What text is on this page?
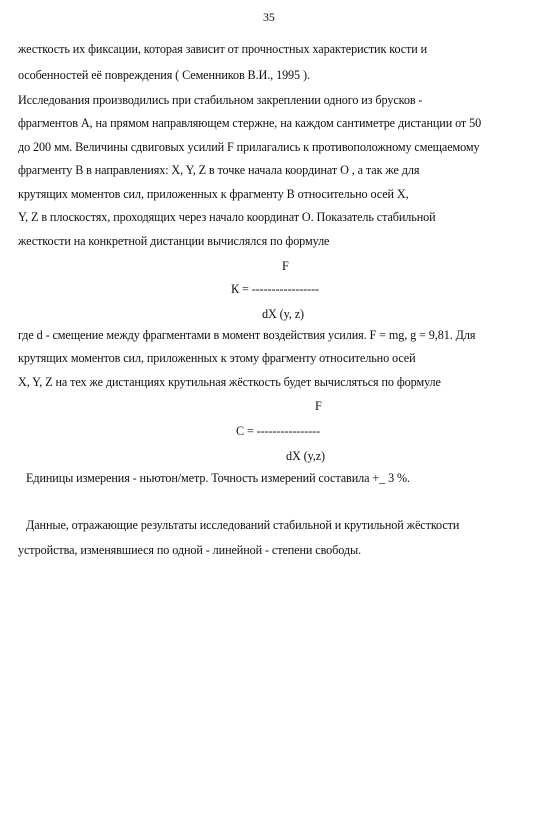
35
жесткость их фиксации, которая зависит от прочностных характеристик кости и
особенностей её повреждения ( Семенников В.И., 1995 ).
Исследования производились при стабильном закреплении одного из брусков -
фрагментов А, на прямом направляющем стержне, на каждом сантиметре дистанции от 50
до 200 мм. Величины сдвиговых усилий F прилагались к противоположному смещаемому
фрагменту В в направлениях: X, Y, Z в точке начала координат О , а так же для
крутящих моментов сил, приложенных к фрагменту В относительно осей X,
Y, Z в плоскостях, проходящих через начало координат О. Показатель стабильной
жесткости на конкретной дистанции вычислялся по формуле
F
К = -----------------
dX (y, z)
где d - смещение между фрагментами в момент воздействия усилия. F = mg, g = 9,81. Для
крутящих моментов сил, приложенных к этому фрагменту относительно осей
X, Y, Z на тех же дистанциях крутильная жёсткость будет вычисляться по формуле
F
С = ----------------
dX (y,z)
Единицы измерения - ньютон/метр. Точность измерений составила +_ 3 %.
Данные, отражающие результаты исследований стабильной и крутильной жёсткости
устройства, изменявшиеся по одной - линейной - степени свободы.
